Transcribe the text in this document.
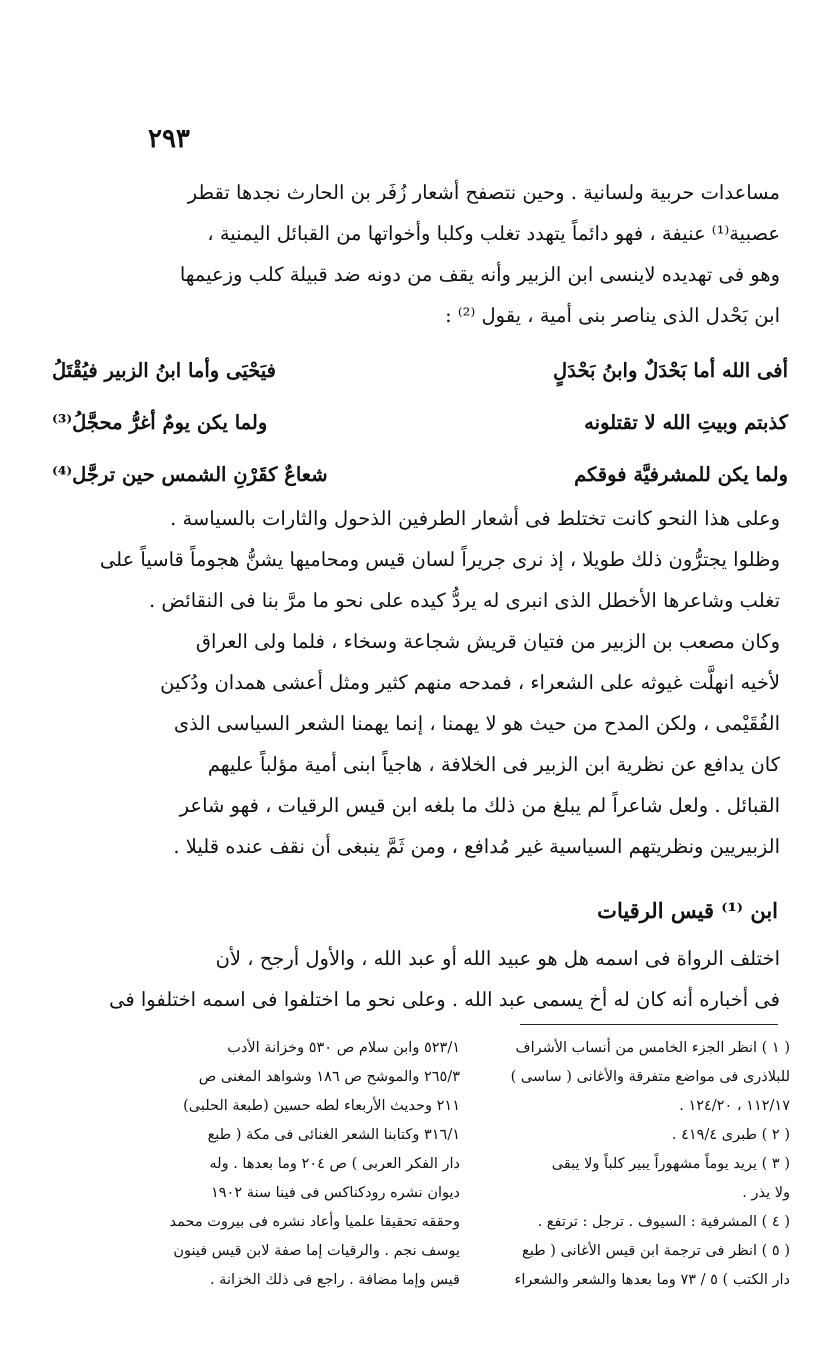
٢٩٣

مساعدات حربية ولسانية . وحين نتصفح أشعار زُفَر بن الحارث نجدها تقطر

عصبية⁽¹⁾ عنيفة ، فهو دائماً يتهدد تغلب وكلبا وأخواتها من القبائل اليمنية ،

وهو فى تهديده لاينسى ابن الزبير وأنه يقف من دونه ضد قبيلة كلب وزعيمها

ابن بَحْدل الذى يناصر بنى أمية ، يقول ⁽²⁾ :

أفى الله أما بَحْدَلٌ وابنُ بَحْدَلٍ
فيَحْيَى وأما ابنُ الزبير فيُقْتَلُ
كذبتم وبيتِ الله لا تقتلونه
ولما يكن يومٌ أغرُّ محجَّلُ⁽³⁾
ولما يكن للمشرفيَّة فوقكم
شعاعٌ كقَرْنِ الشمس حين ترجَّل⁽⁴⁾

وعلى هذا النحو كانت تختلط فى أشعار الطرفين الذحول والثارات بالسياسة .

وظلوا يجترُّون ذلك طويلا ، إذ نرى جريراً لسان قيس ومحاميها يشنُّ هجوماً قاسياً على

تغلب وشاعرها الأخطل الذى انبرى له يردُّ كيده على نحو ما مرَّ بنا فى النقائض .

وكان مصعب بن الزبير من فتيان قريش شجاعة وسخاء ، فلما ولى العراق

لأخيه انهلَّت غيوثه على الشعراء ، فمدحه منهم كثير ومثل أعشى همدان ودُكين

الفُقَيْمى ، ولكن المدح من حيث هو لا يهمنا ، إنما يهمنا الشعر السياسى الذى

كان يدافع عن نظرية ابن الزبير فى الخلافة ، هاجياً ابنى أمية مؤلباً عليهم

القبائل . ولعل شاعراً لم يبلغ من ذلك ما بلغه ابن قيس الرقيات ، فهو شاعر

الزبيريين ونظريتهم السياسية غير مُدافع ، ومن ثَمَّ ينبغى أن نقف عنده قليلا .

ابن ⁽¹⁾ قيس الرقيات

اختلف الرواة فى اسمه هل هو عبيد الله أو عبد الله ، والأول أرجح ، لأن

فى أخباره أنه كان له أخ يسمى عبد الله . وعلى نحو ما اختلفوا فى اسمه اختلفوا فى

( ١ ) انظر الجزء الخامس من أنساب الأشراف
للبلاذرى فى مواضع متفرقة والأغانى ( ساسى )
١١٢/١٧ ، ١٢٤/٢٠ .
( ٢ ) طبرى ٤١٩/٤ .
( ٣ ) يريد يوماً مشهوراً يبير كلباً ولا يبقى
ولا يذر .
( ٤ ) المشرفية : السيوف . ترجل : ترتفع .
( ٥ ) انظر فى ترجمة ابن قيس الأغانى ( طبع
دار الكتب ) ٥ / ٧٣ وما بعدها والشعر والشعراء
٥٢٣/١ وابن سلام ص ٥٣٠ وخزانة الأدب
٢٦٥/٣ والموشح ص ١٨٦ وشواهد المغنى ص
٢١١ وحديث الأربعاء لطه حسين (طبعة الحلبى)
٣١٦/١ وكتابنا الشعر الغنائى فى مكة ( طبع
دار الفكر العربى ) ص ٢٠٤ وما بعدها . وله
ديوان نشره رودكناكس فى فينا سنة ١٩٠٢
وحققه تحقيقا علميا وأعاد نشره فى بيروت محمد
يوسف نجم . والرقيات إما صفة لابن قيس فينون
قيس وإما مضافة . راجع فى ذلك الخزانة .
